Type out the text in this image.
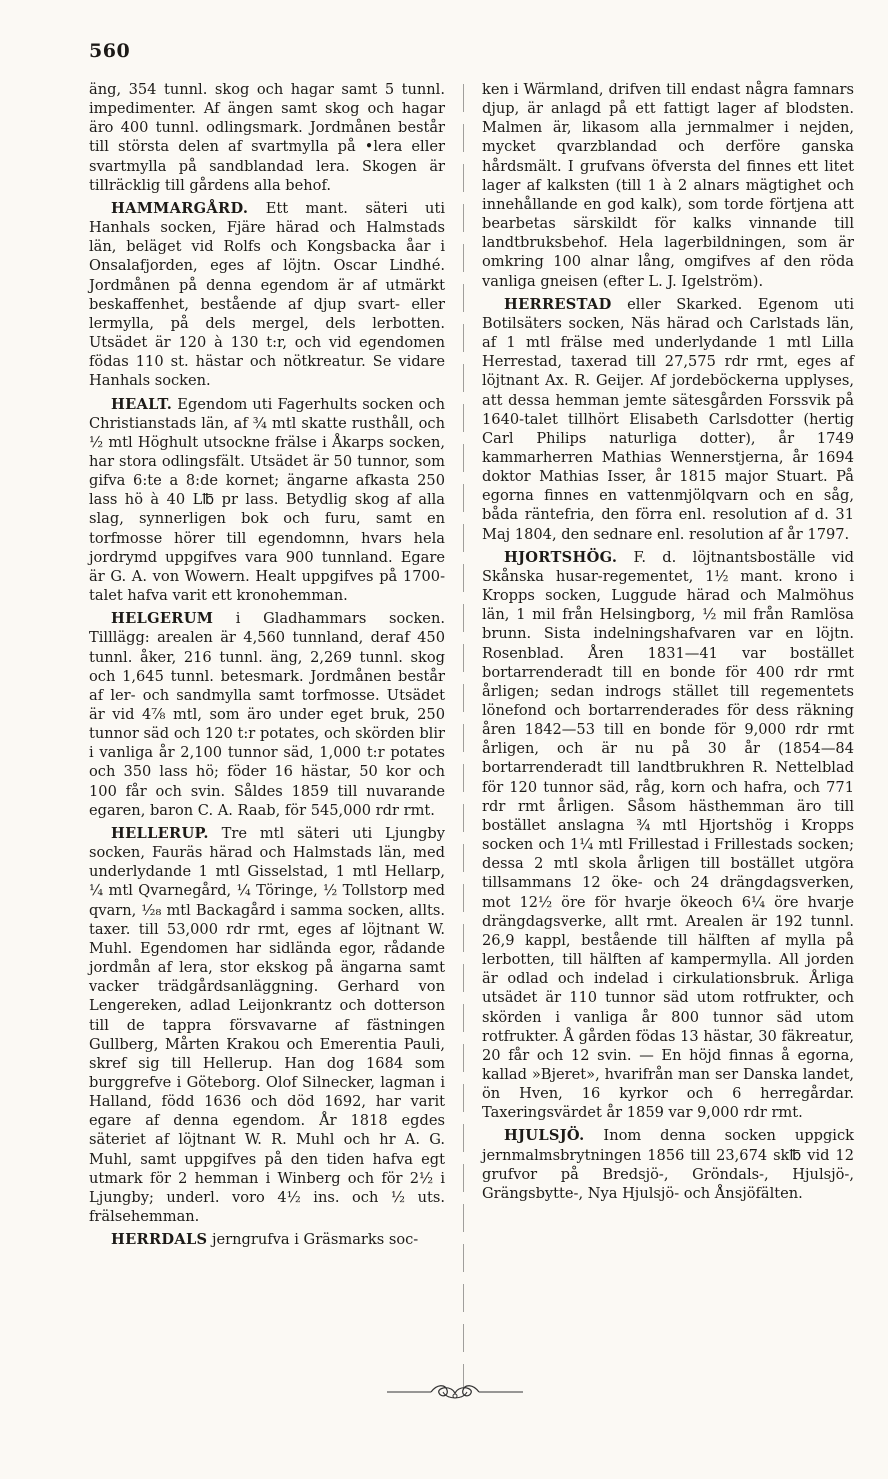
560

äng, 354 tunnl. skog och hagar samt 5 tunnl. impedimenter. Af ängen samt skog och hagar äro 400 tunnl. odlingsmark. Jordmånen består till största delen af svartmylla på •lera eller svartmylla på sandblandad lera. Skogen är tillräcklig till gårdens alla behof.

HAMMARGÅRD. Ett mant. säteri uti Hanhals socken, Fjäre härad och Halmstads län, beläget vid Rolfs och Kongsbacka åar i Onsalafjorden, eges af löjtn. Oscar Lindhé. Jordmånen på denna egendom är af utmärkt beskaffenhet, bestående af djup svart- eller lermylla, på dels mergel, dels lerbotten. Utsädet är 120 à 130 t:r, och vid egendomen födas 110 st. hästar och nötkreatur. Se vidare Hanhals socken.

HEALT. Egendom uti Fagerhults socken och Christianstads län, af ¾ mtl skatte rusthåll, och ½ mtl Höghult utsockne frälse i Åkarps socken, har stora odlingsfält. Utsädet är 50 tunnor, som gifva 6:te a 8:de kornet; ängarne afkasta 250 lass hö à 40 L℔ pr lass. Betydlig skog af alla slag, synnerligen bok och furu, samt en torfmosse hörer till egendomnn, hvars hela jordrymd uppgifves vara 900 tunnland. Egare är G. A. von Wowern. Healt uppgifves på 1700-talet hafva varit ett kronohemman.

HELGERUM i Gladhammars socken. Tilllägg: arealen är 4,560 tunnland, deraf 450 tunnl. åker, 216 tunnl. äng, 2,269 tunnl. skog och 1,645 tunnl. betesmark. Jordmånen består af ler- och sandmylla samt torfmosse. Utsädet är vid 4⅞ mtl, som äro under eget bruk, 250 tunnor säd och 120 t:r potates, och skörden blir i vanliga år 2,100 tunnor säd, 1,000 t:r potates och 350 lass hö; föder 16 hästar, 50 kor och 100 får och svin. Såldes 1859 till nuvarande egaren, baron C. A. Raab, för 545,000 rdr rmt.

HELLERUP. Tre mtl säteri uti Ljungby socken, Fauräs härad och Halmstads län, med underlydande 1 mtl Gisselstad, 1 mtl Hellarp, ¼ mtl Qvarnegård, ¼ Töringe, ½ Tollstorp med qvarn, ¹⁄₂₈ mtl Backagård i samma socken, allts. taxer. till 53,000 rdr rmt, eges af löjtnant W. Muhl. Egendomen har sidlända egor, rådande jordmån af lera, stor ekskog på ängarna samt vacker trädgårdsanläggning. Gerhard von Lengereken, adlad Leijonkrantz och dotterson till de tappra försvavarne af fästningen Gullberg, Mårten Krakou och Emerentia Pauli, skref sig till Hellerup. Han dog 1684 som burggrefve i Göteborg. Olof Silnecker, lagman i Halland, född 1636 och död 1692, har varit egare af denna egendom. År 1818 egdes säteriet af löjtnant W. R. Muhl och hr A. G. Muhl, samt uppgifves på den tiden hafva egt utmark för 2 hemman i Winberg och för 2½ i Ljungby; underl. voro 4½ ins. och ½ uts. frälsehemman.

HERRDALS jerngrufva i Gräsmarks soc-

ken i Wärmland, drifven till endast några famnars djup, är anlagd på ett fattigt lager af blodsten. Malmen är, likasom alla jernmalmer i nejden, mycket qvarzblandad och derföre ganska hårdsmält. I grufvans öfversta del finnes ett litet lager af kalksten (till 1 à 2 alnars mägtighet och innehållande en god kalk), som torde förtjena att bearbetas särskildt för kalks vinnande till landtbruksbehof. Hela lagerbildningen, som är omkring 100 alnar lång, omgifves af den röda vanliga gneisen (efter L. J. Igelström).

HERRESTAD eller Skarked. Egenom uti Botilsäters socken, Näs härad och Carlstads län, af 1 mtl frälse med underlydande 1 mtl Lilla Herrestad, taxerad till 27,575 rdr rmt, eges af löjtnant Ax. R. Geijer. Af jordeböckerna upplyses, att dessa hemman jemte sätesgården Forssvik på 1640-talet tillhört Elisabeth Carlsdotter (hertig Carl Philips naturliga dotter), år 1749 kammarherren Mathias Wennerstjerna, år 1694 doktor Mathias Isser, år 1815 major Stuart. På egorna finnes en vattenmjölqvarn och en såg, båda räntefria, den förra enl. resolution af d. 31 Maj 1804, den sednare enl. resolution af år 1797.

HJORTSHÖG. F. d. löjtnantsboställe vid Skånska husar-regementet, 1½ mant. krono i Kropps socken, Luggude härad och Malmöhus län, 1 mil från Helsingborg, ½ mil från Ramlösa brunn. Sista indelningshafvaren var en löjtn. Rosenblad. Åren 1831—41 var bostället bortarrenderadt till en bonde för 400 rdr rmt årligen; sedan indrogs stället till regementets lönefond och bortarrenderades för dess räkning åren 1842—53 till en bonde för 9,000 rdr rmt årligen, och är nu på 30 år (1854—84 bortarrenderadt till landtbrukhren R. Nettelblad för 120 tunnor säd, råg, korn och hafra, och 771 rdr rmt årligen. Såsom hästhemman äro till bostället anslagna ¾ mtl Hjortshög i Kropps socken och 1¼ mtl Frillestad i Frillestads socken; dessa 2 mtl skola årligen till bostället utgöra tillsammans 12 öke- och 24 drängdagsverken, mot 12½ öre för hvarje ökeoch 6¼ öre hvarje drängdagsverke, allt rmt. Arealen är 192 tunnl. 26,9 kappl, bestående till hälften af mylla på lerbotten, till hälften af kampermylla. All jorden är odlad och indelad i cirkulationsbruk. Årliga utsädet är 110 tunnor säd utom rotfrukter, och skörden i vanliga år 800 tunnor säd utom rotfrukter. Å gården födas 13 hästar, 30 fäkreatur, 20 får och 12 svin. — En höjd finnas å egorna, kallad »Bjeret», hvarifrån man ser Danska landet, ön Hven, 16 kyrkor och 6 herregårdar. Taxeringsvärdet år 1859 var 9,000 rdr rmt.

HJULSJÖ. Inom denna socken uppgick jernmalmsbrytningen 1856 till 23,674 sk℔ vid 12 grufvor på Bredsjö-, Gröndals-, Hjulsjö-, Grängsbytte-, Nya Hjulsjö- och Ånsjöfälten.
